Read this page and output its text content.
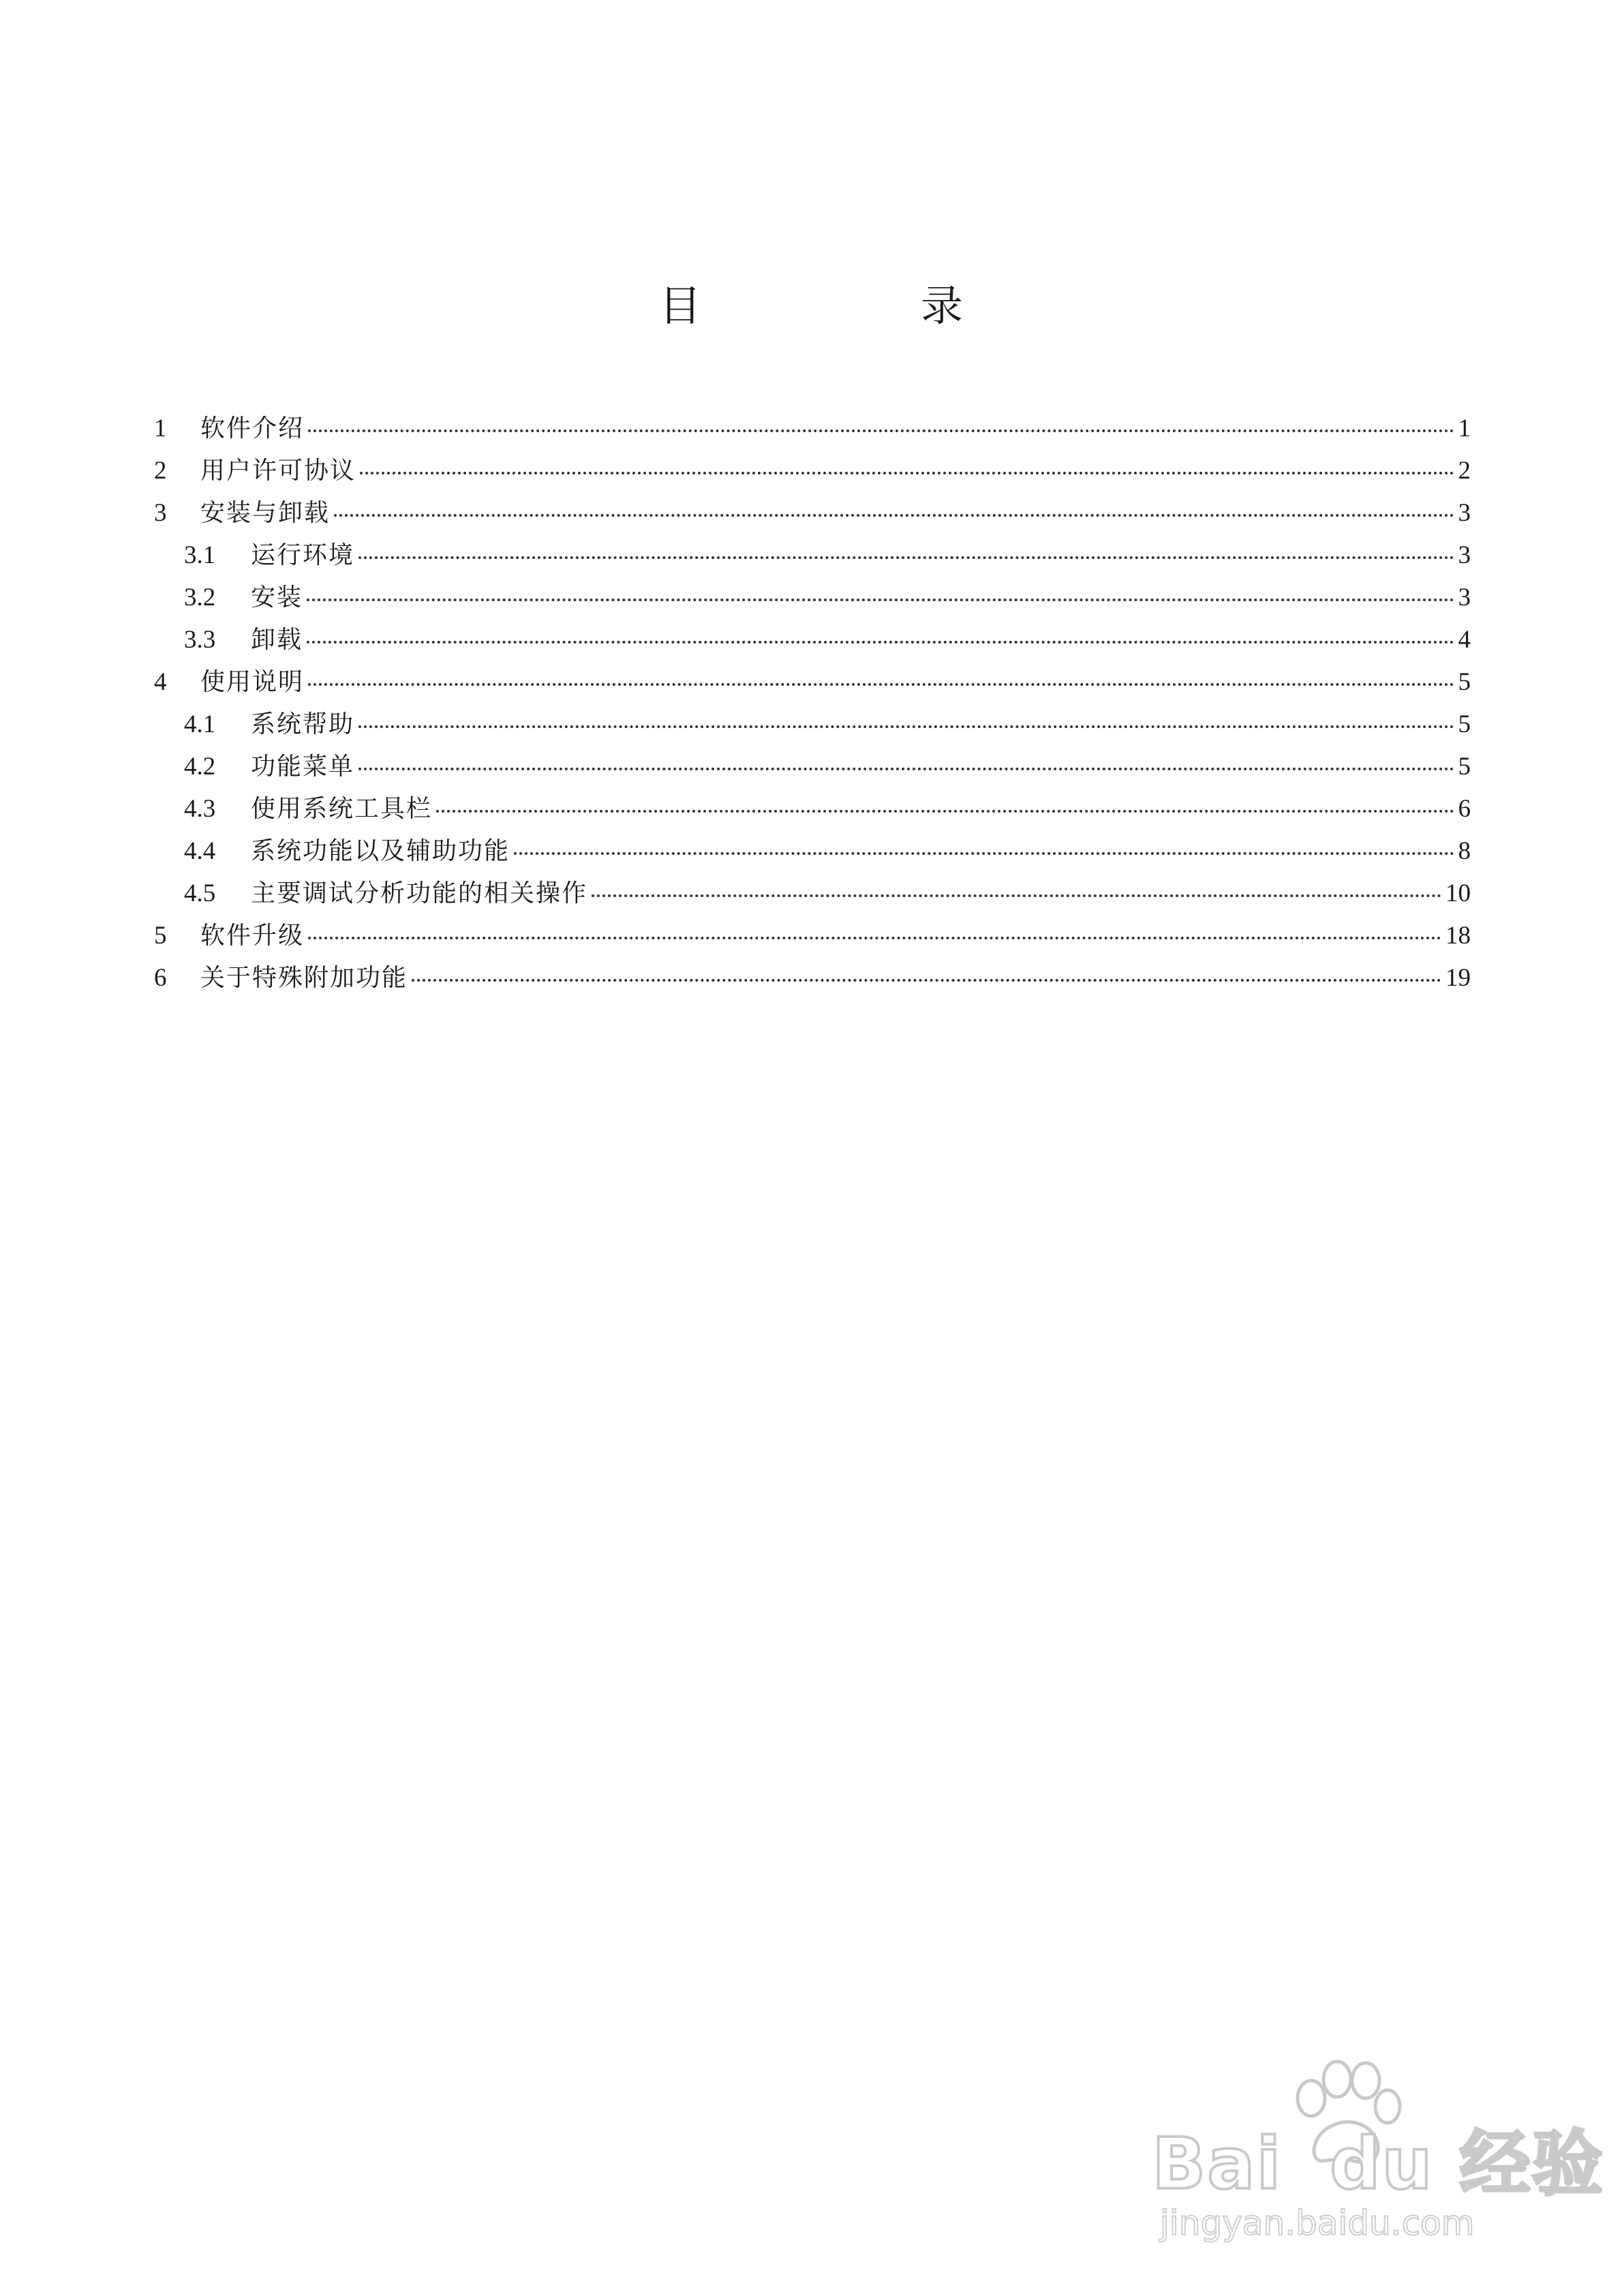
目　录
1	软件介绍	1
2	用户许可协议	2
3	安装与卸载	3
3.1	运行环境	3
3.2	安装	3
3.3	卸载	4
4	使用说明	5
4.1	系统帮助	5
4.2	功能菜单	5
4.3	使用系统工具栏	6
4.4	系统功能以及辅助功能	8
4.5	主要调试分析功能的相关操作	10
5	软件升级	18
6	关于特殊附加功能	19
Bai du 经验
jingyan.baidu.com
